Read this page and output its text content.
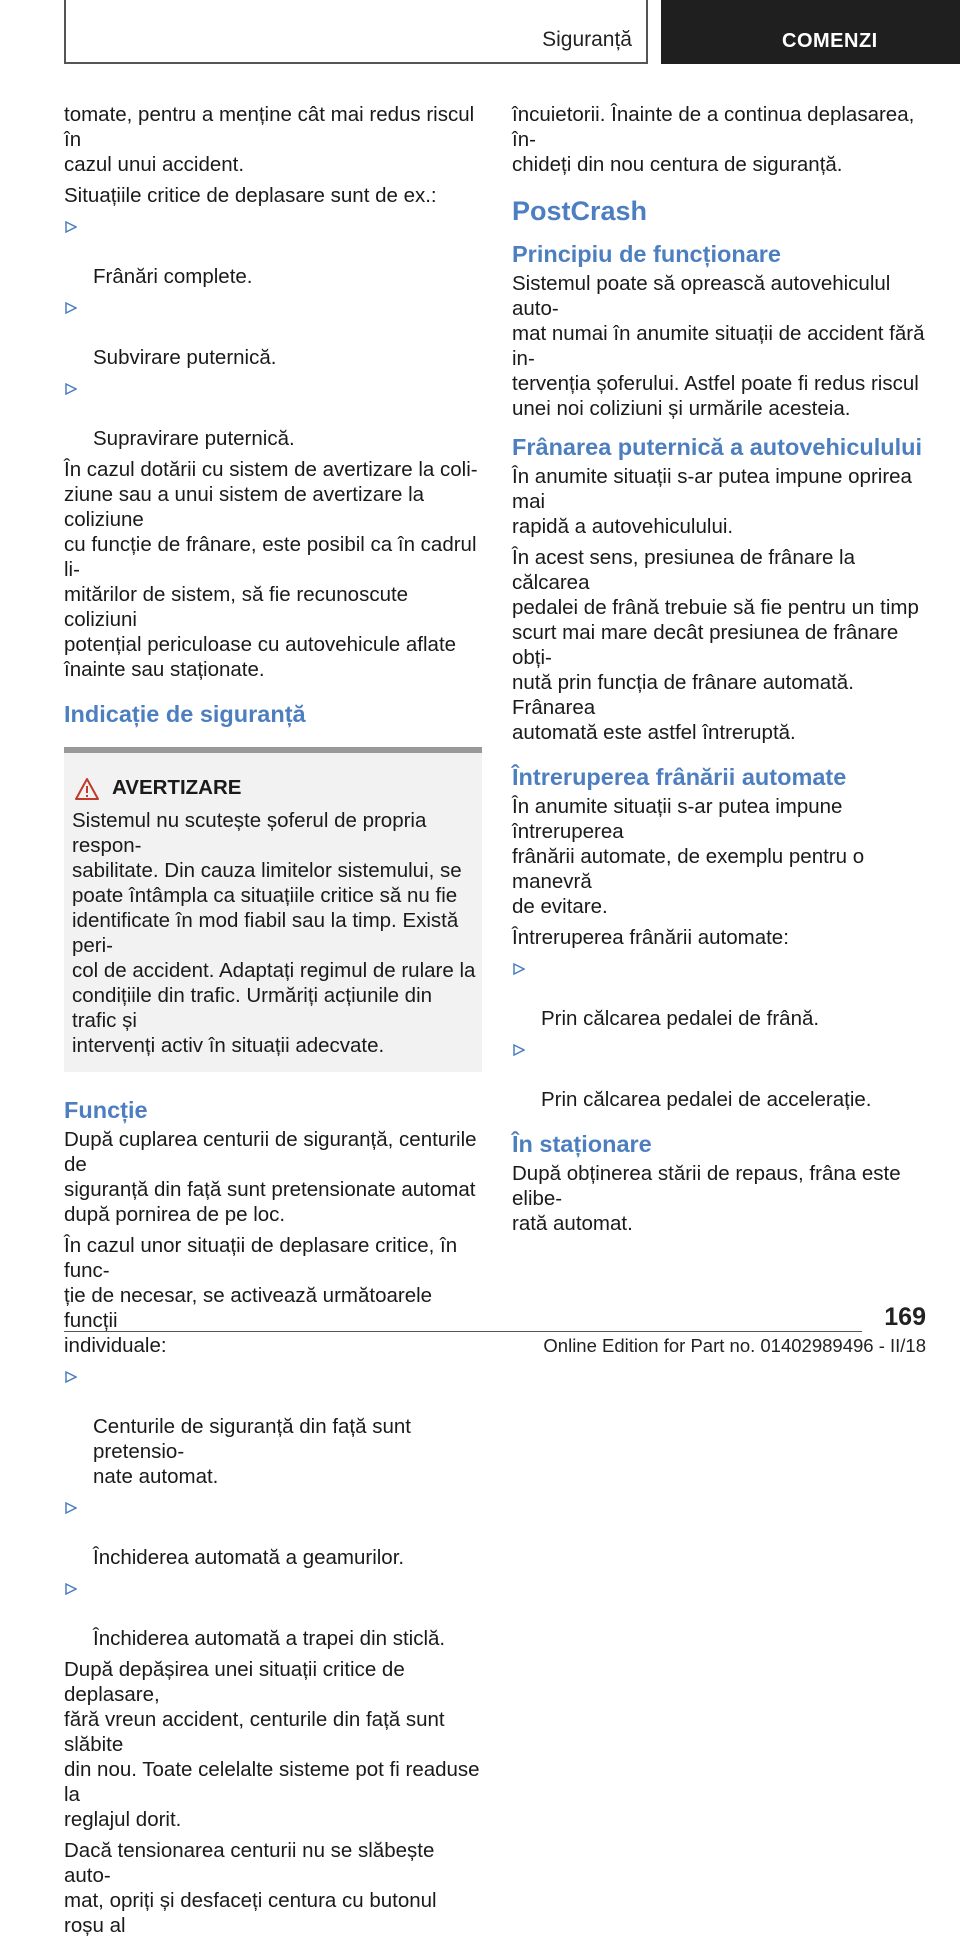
Siguranță	COMENZI

tomate, pentru a menține cât mai redus riscul în
cazul unui accident.

Situațiile critice de deplasare sunt de ex.:

Frânări complete.

Subvirare puternică.

Supravirare puternică.

În cazul dotării cu sistem de avertizare la coli-
ziune sau a unui sistem de avertizare la coliziune
cu funcție de frânare, este posibil ca în cadrul li-
mitărilor de sistem, să fie recunoscute coliziuni
potențial periculoase cu autovehicule aflate
înainte sau staționate.

Indicație de siguranță
AVERTIZARE
Sistemul nu scutește șoferul de propria respon-
sabilitate. Din cauza limitelor sistemului, se
poate întâmpla ca situațiile critice să nu fie
identificate în mod fiabil sau la timp. Există peri-
col de accident. Adaptați regimul de rulare la
condițiile din trafic. Urmăriți acțiunile din trafic și
intervenți activ în situații adecvate.
Funcție

După cuplarea centurii de siguranță, centurile de
siguranță din față sunt pretensionate automat
după pornirea de pe loc.

În cazul unor situații de deplasare critice, în func-
ție de necesar, se activează următoarele funcții
individuale:

Centurile de siguranță din față sunt pretensio-
nate automat.

Închiderea automată a geamurilor.

Închiderea automată a trapei din sticlă.

După depășirea unei situații critice de deplasare,
fără vreun accident, centurile din față sunt slăbite
din nou. Toate celelalte sisteme pot fi readuse la
reglajul dorit.

Dacă tensionarea centurii nu se slăbește auto-
mat, opriți și desfaceți centura cu butonul roșu al

încuietorii. Înainte de a continua deplasarea, în-
chideți din nou centura de siguranță.

PostCrash
Principiu de funcționare

Sistemul poate să oprească autovehiculul auto-
mat numai în anumite situații de accident fără in-
tervenția șoferului. Astfel poate fi redus riscul
unei noi coliziuni și urmările acesteia.

Frânarea puternică a autovehiculului

În anumite situații s-ar putea impune oprirea mai
rapidă a autovehiculului.

În acest sens, presiunea de frânare la călcarea
pedalei de frână trebuie să fie pentru un timp
scurt mai mare decât presiunea de frânare obți-
nută prin funcția de frânare automată. Frânarea
automată este astfel întreruptă.

Întreruperea frânării automate

În anumite situații s-ar putea impune întreruperea
frânării automate, de exemplu pentru o manevră
de evitare.

Întreruperea frânării automate:

Prin călcarea pedalei de frână.

Prin călcarea pedalei de accelerație.

În staționare

După obținerea stării de repaus, frâna este elibe-
rată automat.

169
Online Edition for Part no. 01402989496 - II/18
